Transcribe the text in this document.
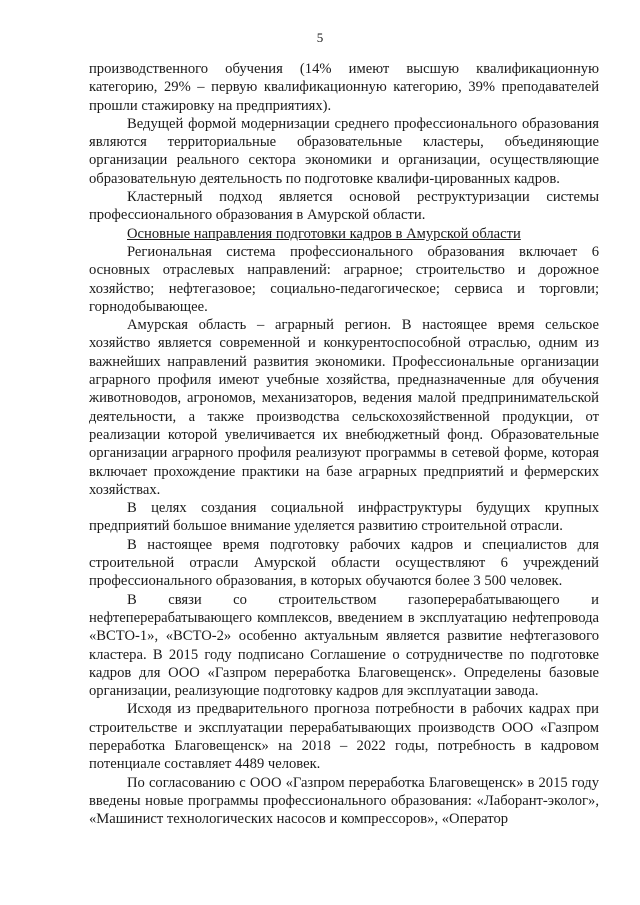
5

производственного обучения (14% имеют высшую квалификационную категорию, 29% – первую квалификационную категорию, 39% преподавателей прошли стажировку на предприятиях).

Ведущей формой модернизации среднего профессионального образования являются территориальные образовательные кластеры, объединяющие организации реального сектора экономики и организации, осуществляющие образовательную деятельность по подготовке квалифи-цированных кадров.

Кластерный подход является основой реструктуризации системы профессионального образования в Амурской области.

Основные направления подготовки кадров в Амурской области

Региональная система профессионального образования включает 6 основных отраслевых направлений: аграрное; строительство и дорожное хозяйство; нефтегазовое; социально-педагогическое; сервиса и торговли; горнодобывающее.

Амурская область – аграрный регион. В настоящее время сельское хозяйство является современной и конкурентоспособной отраслью, одним из важнейших направлений развития экономики. Профессиональные организации аграрного профиля имеют учебные хозяйства, предназначенные для обучения животноводов, агрономов, механизаторов, ведения малой предпринимательской деятельности, а также производства сельскохозяйственной продукции, от реализации которой увеличивается их внебюджетный фонд. Образовательные организации аграрного профиля реализуют программы в сетевой форме, которая включает прохождение практики на базе аграрных предприятий и фермерских хозяйствах.

В целях создания социальной инфраструктуры будущих крупных предприятий большое внимание уделяется развитию строительной отрасли.

В настоящее время подготовку рабочих кадров и специалистов для строительной отрасли Амурской области осуществляют 6 учреждений профессионального образования, в которых обучаются более 3 500 человек.

В связи со строительством газоперерабатывающего и нефтеперерабатывающего комплексов, введением в эксплуатацию нефтепровода «ВСТО-1», «ВСТО-2» особенно актуальным является развитие нефтегазового кластера. В 2015 году подписано Соглашение о сотрудничестве по подготовке кадров для ООО «Газпром переработка Благовещенск». Определены базовые организации, реализующие подготовку кадров для эксплуатации завода.

Исходя из предварительного прогноза потребности в рабочих кадрах при строительстве и эксплуатации перерабатывающих производств ООО «Газпром переработка Благовещенск» на 2018 – 2022 годы, потребность в кадровом потенциале составляет 4489 человек.

По согласованию с ООО «Газпром переработка Благовещенск» в 2015 году введены новые программы профессионального образования: «Лаборант-эколог», «Машинист технологических насосов и компрессоров», «Оператор
